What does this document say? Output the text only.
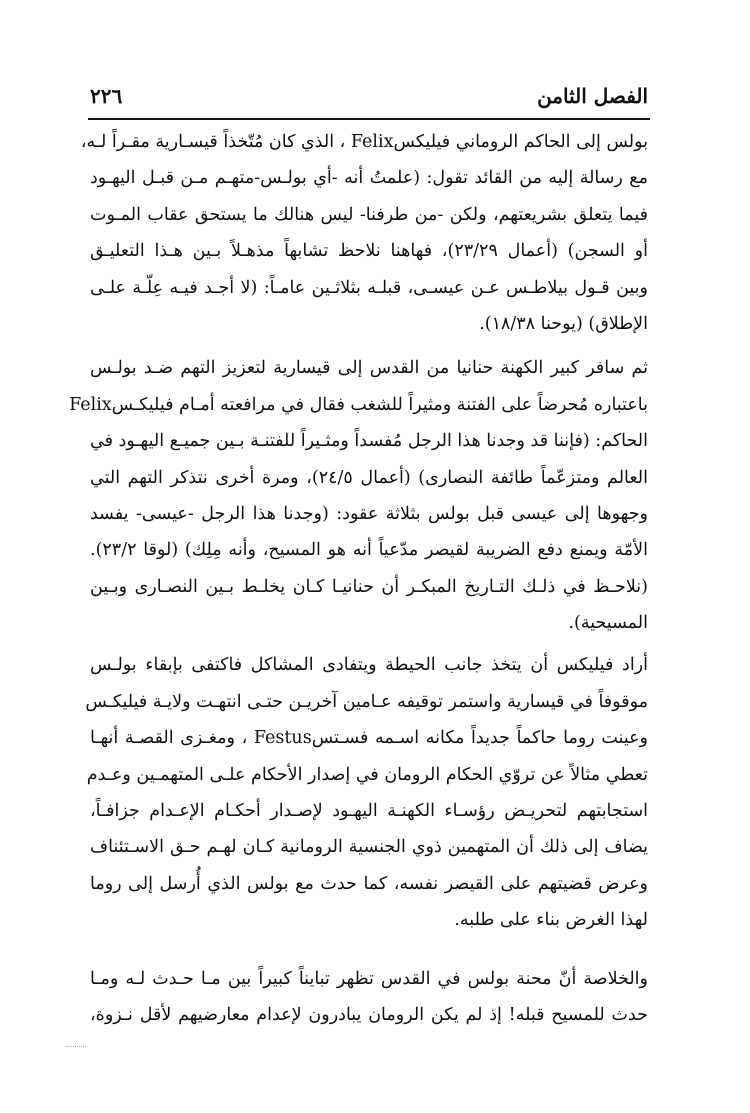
الفصل الثامن
٢٢٦
بولس إلى الحاكم الروماني فيليكسFelix ، الذي كان مُتّخذاً قيسـارية مقـراً لـه،
مع رسالة إليه من القائد تقول: (علمتُ أنه -أي بولـس-متهـم مـن قبـل اليهـود
فيما يتعلق بشريعتهم، ولكن -من طرفنا- ليس هنالك ما يستحق عقاب المـوت
أو السجن) (أعمال ٢٣/٢٩)، فهاهنا نلاحظ تشابهاً مذهـلاً بـين هـذا التعليـق
وبين قـول بيلاطـس عـن عيسـى، قبلـه بثلاثـين عامـاً: (لا أجـد فيـه عِلّـة علـى
الإطلاق) (يوحنا ١٨/٣٨).
ثم سافر كبير الكهنة حنانيا من القدس إلى قيسارية لتعزيز التهم ضـد بولـس
باعتباره مُحرضاً على الفتنة ومثيراً للشغب فقال في مرافعته أمـام فيليكـسFelix
الحاكم: (فإننا قد وجدنا هذا الرجل مُفسداً ومثـيراً للفتنـة بـين جميـع اليهـود في
العالم ومتزعّماً طائفة النصارى) (أعمال ٢٤/٥)، ومرة أخرى نتذكر التهم التي
وجهوها إلى عيسى قبل بولس بثلاثة عقود: (وجدنا هذا الرجل -عيسى- يفسد
الأمّة ويمنع دفع الضريبة لقيصر مدّعياً أنه هو المسيح، وأنه مِلِك) (لوقا ٢٣/٢).
(نلاحـظ في ذلـك التـاريخ المبكـر أن حنانيـا كـان يخلـط بـين النصـارى وبـين
المسيحية).
أراد فيليكس أن يتخذ جانب الحيطة ويتفادى المشاكل فاكتفى بإبقاء بولـس
موقوفاً في قيسارية واستمر توقيفه عـامين آخريـن حتـى انتهـت ولايـة فيليكـس
وعينت روما حاكماً جديداً مكانه اسـمه فسـتسFestus ، ومغـزى القصـة أنهـا
تعطي مثالاً عن تروّي الحكام الرومان في إصدار الأحكام علـى المتهمـين وعـدم
استجابتهم لتحريـض رؤسـاء الكهنـة اليهـود لإصـدار أحكـام الإعـدام جزافـاً،
يضاف إلى ذلك أن المتهمين ذوي الجنسية الرومانية كـان لهـم حـق الاسـتئناف
وعرض قضيتهم على القيصر نفسه، كما حدث مع بولس الذي أُرسل إلى روما
لهذا الغرض بناء على طلبه.
والخلاصة أنّ محنة بولس في القدس تظهر تبايناً كبيراً بين مـا حـدث لـه ومـا
حدث للمسيح قبله! إذ لم يكن الرومان يبادرون لإعدام معارضيهم لأقل نـزوة،
